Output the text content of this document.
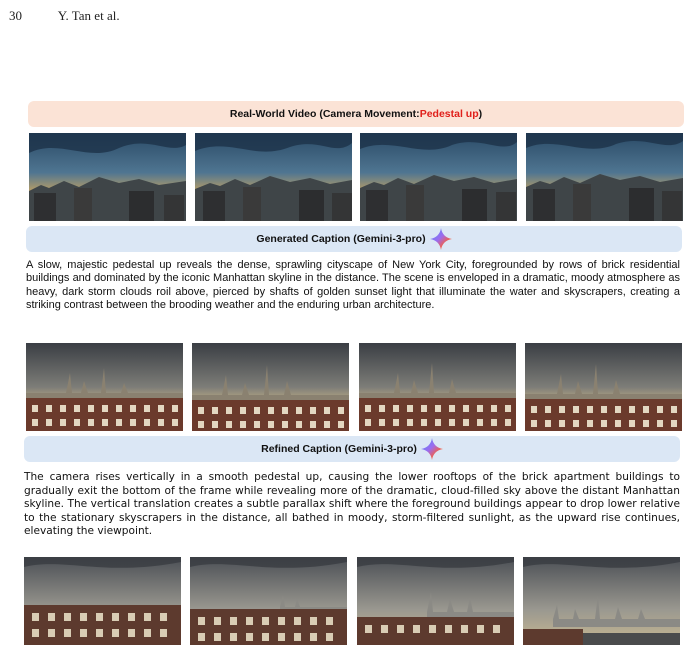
30	Y. Tan et al.
Real-World Video (Camera Movement: Pedestal up )
Generated Caption (Gemini-3-pro)
A slow, majestic pedestal up reveals the dense, sprawling cityscape of New York City, foregrounded by rows of brick residential buildings and dominated by the iconic Manhattan skyline in the distance. The scene is enveloped in a dramatic, moody atmosphere as heavy, dark storm clouds roil above, pierced by shafts of golden sunset light that illuminate the water and skyscrapers, creating a striking contrast between the brooding weather and the enduring urban architecture.
Refined Caption (Gemini-3-pro)
The camera rises vertically in a smooth pedestal up, causing the lower rooftops of the brick apartment buildings to gradually exit the bottom of the frame while revealing more of the dramatic, cloud-filled sky above the distant Manhattan skyline. The vertical translation creates a subtle parallax shift where the foreground buildings appear to drop lower relative to the stationary skyscrapers in the distance, all bathed in moody, storm-filtered sunlight, as the upward rise continues, elevating the viewpoint.
